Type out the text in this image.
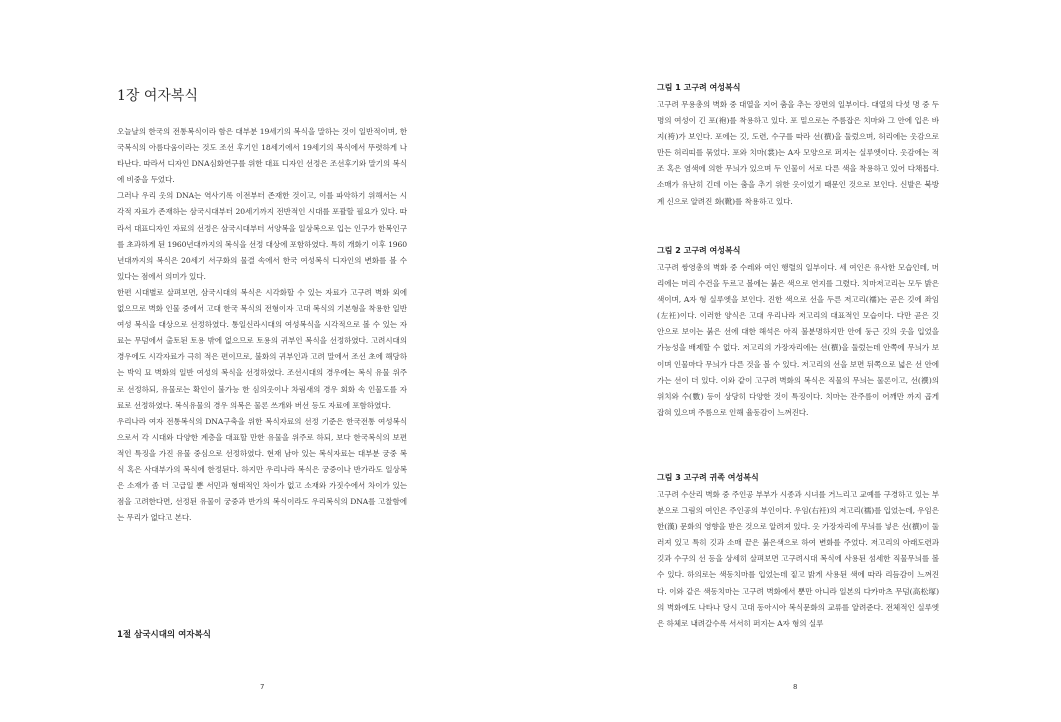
1장 여자복식

오늘날의 한국의 전통복식이라 함은 대부분 19세기의 복식을 말하는 것이 일반적이며, 한국복식의 아름다움이라는 것도 조선 후기인 18세기에서 19세기의 복식에서 뚜렷하게 나타난다. 따라서 디자인 DNA심화연구를 위한 대표 디자인 선정은 조선후기와 말기의 복식에 비중을 두었다.

그러나 우리 옷의 DNA는 역사기록 이전부터 존재한 것이고, 이를 파악하기 위해서는 시각적 자료가 존재하는 삼국시대부터 20세기까지 전반적인 시대를 포괄할 필요가 있다. 따라서 대표디자인 자료의 선정은 삼국시대부터 서양복을 일상복으로 입는 인구가 한복인구를 초과하게 된 1960년대까지의 복식을 선정 대상에 포함하였다. 특히 개화기 이후 1960년대까지의 복식은 20세기 서구화의 물결 속에서 한국 여성복식 디자인의 변화를 볼 수 있다는 점에서 의미가 있다.

한편 시대별로 살펴보면, 삼국시대의 복식은 시각화할 수 있는 자료가 고구려 벽화 외에 없으므로 벽화 인물 중에서 고대 한국 복식의 전형이자 고대 복식의 기본형을 착용한 일반여성 복식을 대상으로 선정하였다. 통일신라시대의 여성복식을 시각적으로 볼 수 있는 자료는 무덤에서 출토된 토용 밖에 없으므로 토용의 귀부인 복식을 선정하였다. 고려시대의 경우에도 시각자료가 극히 적은 편이므로, 불화의 귀부인과 고려 말에서 조선 초에 해당하는 박익 묘 벽화의 일반 여성의 복식을 선정하였다. 조선시대의 경우에는 복식 유물 위주로 선정하되, 유물로는 확인이 불가능 한 심의옷이나 차림새의 경우 회화 속 인물도를 자료로 선정하였다. 복식유물의 경우 의복은 물론 쓰개와 버선 등도 자료에 포함하였다.

우리나라 여자 전통복식의 DNA구축을 위한 복식자료의 선정 기준은 한국전통 여성복식으로서 각 시대와 다양한 계층을 대표할 만한 유물을 위주로 하되, 보다 한국복식의 보편적인 특징을 가진 유물 중심으로 선정하였다. 현재 남아 있는 복식자료는 대부분 궁중 복식 혹은 사대부가의 복식에 한정된다. 하지만 우리나라 복식은 궁중이나 반가라도 일상복은 소재가 좀 더 고급일 뿐 서민과 형태적인 차이가 없고 소재와 가짓수에서 차이가 있는 점을 고려한다면, 선정된 유물이 궁중과 반가의 복식이라도 우리복식의 DNA를 고찰함에는 무리가 없다고 본다.

1절 삼국시대의 여자복식
7
그림 1 고구려 여성복식

고구려 무용총의 벽화 중 대열을 지어 춤을 추는 장면의 일부이다. 대열의 다섯 명 중 두 명의 여성이 긴 포(袍)를 착용하고 있다. 포 밑으로는 주름잡은 치마와 그 안에 입은 바지(袴)가 보인다. 포에는 깃, 도련, 수구를 따라 선(襈)을 둘렀으며, 허리에는 옷감으로 만든 허리띠를 묶었다. 포와 치마(裳)는 A자 모양으로 퍼지는 실루엣이다. 옷감에는 적조 혹은 염색에 의한 무늬가 있으며 두 인물이 서로 다른 색을 착용하고 있어 다채롭다. 소매가 유난히 긴데 이는 춤을 추기 위한 옷이었기 때문인 것으로 보인다. 신발은 북방계 신으로 알려진 화(靴)를 착용하고 있다.

그림 2 고구려 여성복식

고구려 쌍영총의 벽화 중 수레와 여인 행렬의 일부이다. 세 여인은 유사한 모습인데, 머리에는 머리 수건을 두르고 볼에는 붉은 색으로 연지를 그렸다. 치마저고리는 모두 밝은 색이며, A자 형 실루엣을 보인다. 진한 색으로 선을 두른 저고리(襦)는 곧은 깃에 좌임(左衽)이다. 이러한 양식은 고대 우리나라 저고리의 대표적인 모습이다. 다만 곧은 깃 안으로 보이는 붉은 선에 대한 해석은 아직 불분명하지만 안에 둥근 깃의 옷을 입었을 가능성을 배제할 수 없다. 저고리의 가장자리에는 선(襈)을 둘렀는데 안쪽에 무늬가 보이며 인물마다 무늬가 다른 것을 볼 수 있다. 저고리의 선을 보면 뒤쪽으로 넓은 선 안에 가는 선이 더 있다. 이와 같이 고구려 벽화의 복식은 직물의 무늬는 물론이고, 선(襈)의 위치와 수(數) 등이 상당히 다양한 것이 특징이다. 치마는 잔주름이 어깨만 까지 곱게 잡혀 있으며 주름으로 인해 율동감이 느껴진다.

그림 3 고구려 귀족 여성복식

고구려 수산리 벽화 중 주인공 부부가 시종과 시녀를 거느리고 교예를 구경하고 있는 부분으로 그림의 여인은 주인공의 부인이다. 우임(右衽)의 저고리(襦)를 입었는데, 우임은 한(漢) 문화의 영향을 받은 것으로 알려져 있다. 옷 가장자리에 무늬를 넣은 선(襈)이 둘러져 있고 특히 깃과 소매 끝은 붉은색으로 하여 변화를 주었다. 저고리의 아래도련과 깃과 수구의 선 등을 상세히 살펴보면 고구려시대 복식에 사용된 섬세한 직물무늬를 볼 수 있다. 하의로는 색동치마를 입었는데 짙고 밝게 사용된 색에 따라 리듬감이 느껴진다. 이와 같은 색동치마는 고구려 벽화에서 뿐만 아니라 일본의 다카마츠 무덤(高松塚)의 벽화에도 나타나 당시 고대 동아시아 복식문화의 교류를 알려준다. 전체적인 실루엣은 하체로 내려갈수록 서서히 퍼지는 A자 형의 실루

8
